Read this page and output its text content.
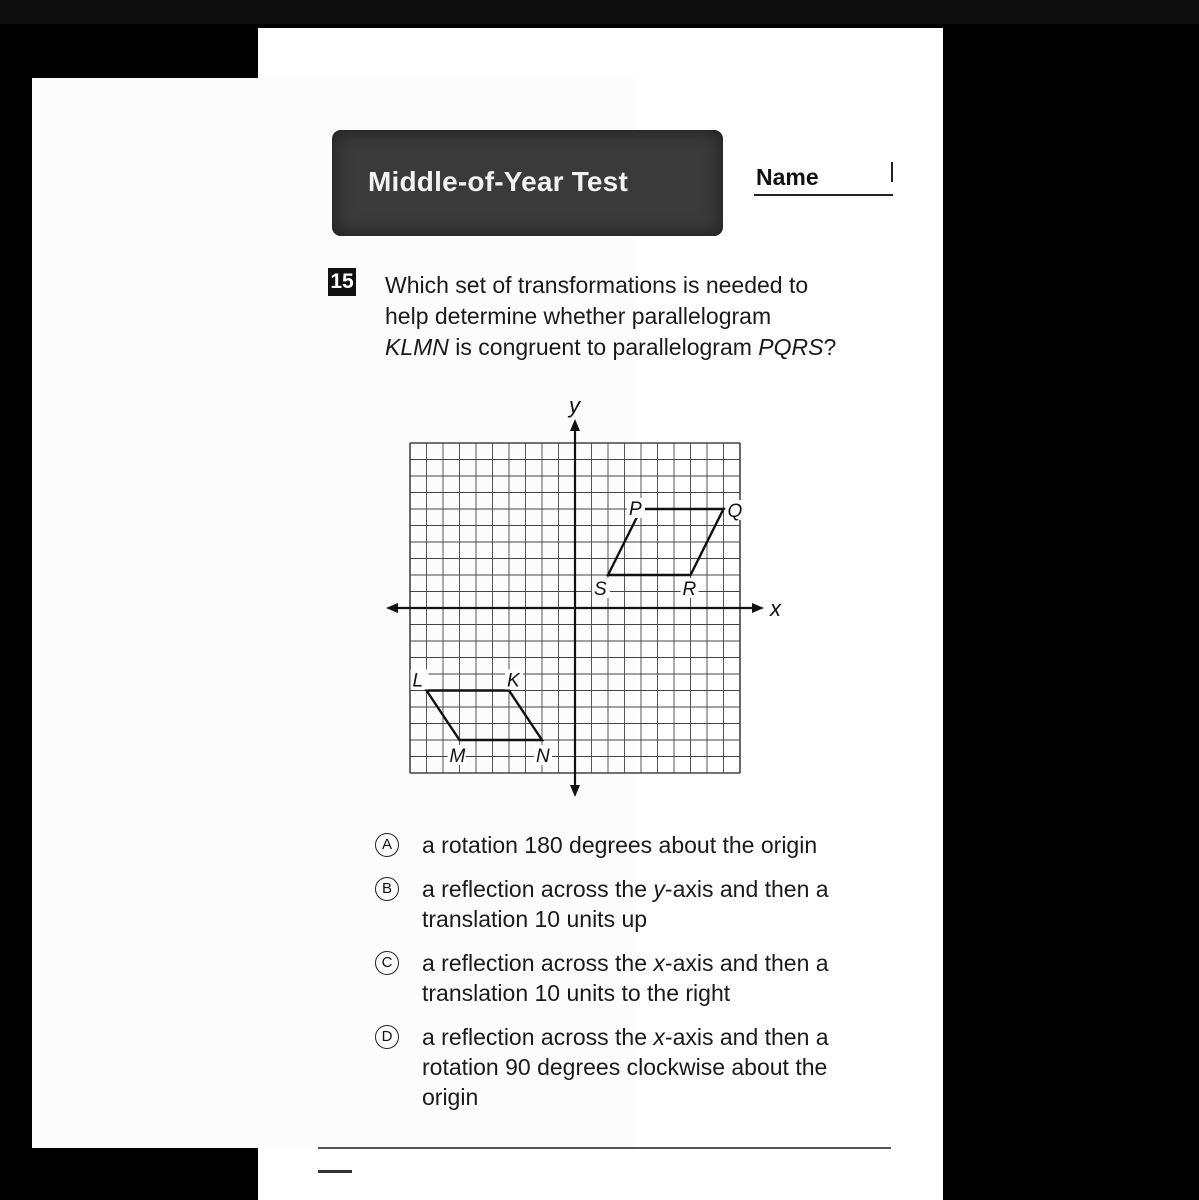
Middle-of-Year Test	Name
15 Which set of transformations is needed to
help determine whether parallelogram
KLMN is congruent to parallelogram PQRS?

x
y
P	Q
R
S
K
L
M	N
A	a rotation 180 degrees about the origin
B	a reflection across the y-axis and then a
translation 10 units up
C a reflection across the x-axis and then a
translation 10 units to the right
D a reflection across the x-axis and then a
rotation 90 degrees clockwise about the
origin
